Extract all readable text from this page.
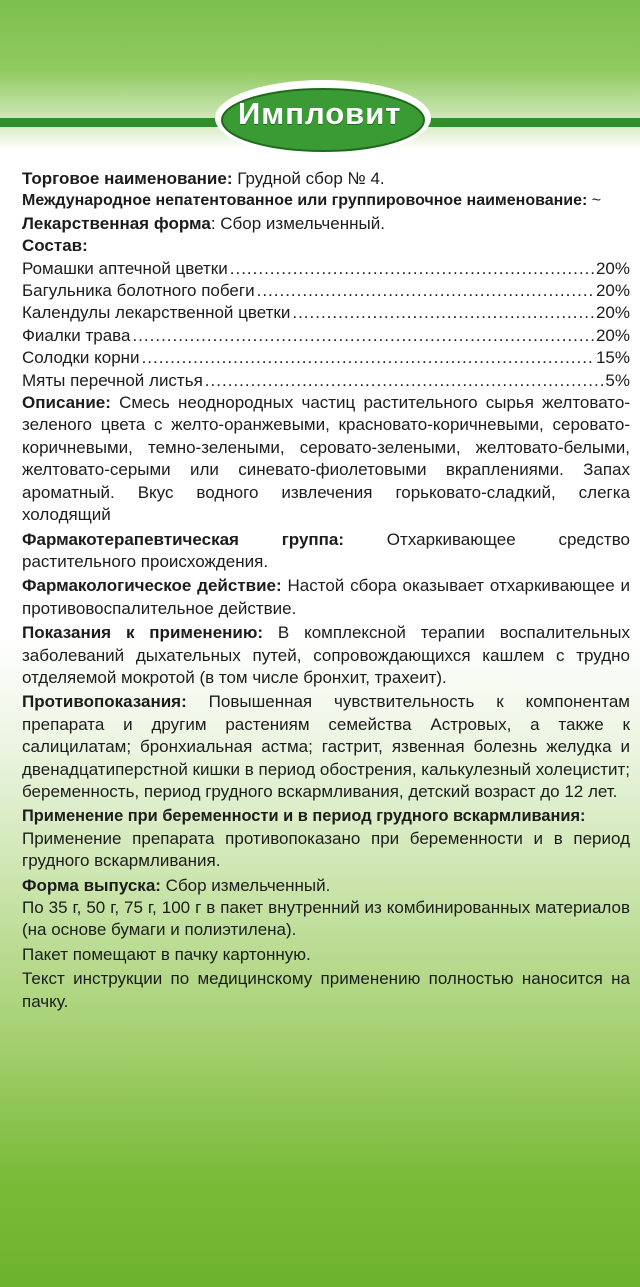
Импловит
Торговое наименование: Грудной сбор № 4.
Международное непатентованное или группировочное наименование: ~
Лекарственная форма: Сбор измельченный.
Состав:
Ромашки аптечной цветки .....	20%
Багульника болотного побеги .....	20%
Календулы лекарственной цветки .....	20%
Фиалки трава .....	20%
Солодки корни .....	15%
Мяты перечной листья .....	5%
Описание: Смесь неоднородных частиц растительного сырья желтовато-зеленого цвета с желто-оранжевыми, красновато-коричневыми, серовато-коричневыми, темно-зелеными, серовато-зелеными, желтовато-белыми, желтовато-серыми или синевато-фиолетовыми вкраплениями. Запах ароматный. Вкус водного извлечения горьковато-сладкий, слегка холодящий
Фармакотерапевтическая группа: Отхаркивающее средство растительного происхождения.
Фармакологическое действие: Настой сбора оказывает отхаркивающее и противовоспалительное действие.
Показания к применению: В комплексной терапии воспалительных заболеваний дыхательных путей, сопровождающихся кашлем с трудно отделяемой мокротой (в том числе бронхит, трахеит).
Противопоказания: Повышенная чувствительность к компонентам препарата и другим растениям семейства Астровых, а также к салицилатам; бронхиальная астма; гастрит, язвенная болезнь желудка и двенадцатиперстной кишки в период обострения, калькулезный холецистит; беременность, период грудного вскармливания, детский возраст до 12 лет.
Применение при беременности и в период грудного вскармливания:
Применение препарата противопоказано при беременности и в период грудного вскармливания.
Форма выпуска: Сбор измельченный.
По 35 г, 50 г, 75 г, 100 г в пакет внутренний из комбинированных материалов (на основе бумаги и полиэтилена).
Пакет помещают в пачку картонную.
Текст инструкции по медицинскому применению полностью наносится на пачку.
